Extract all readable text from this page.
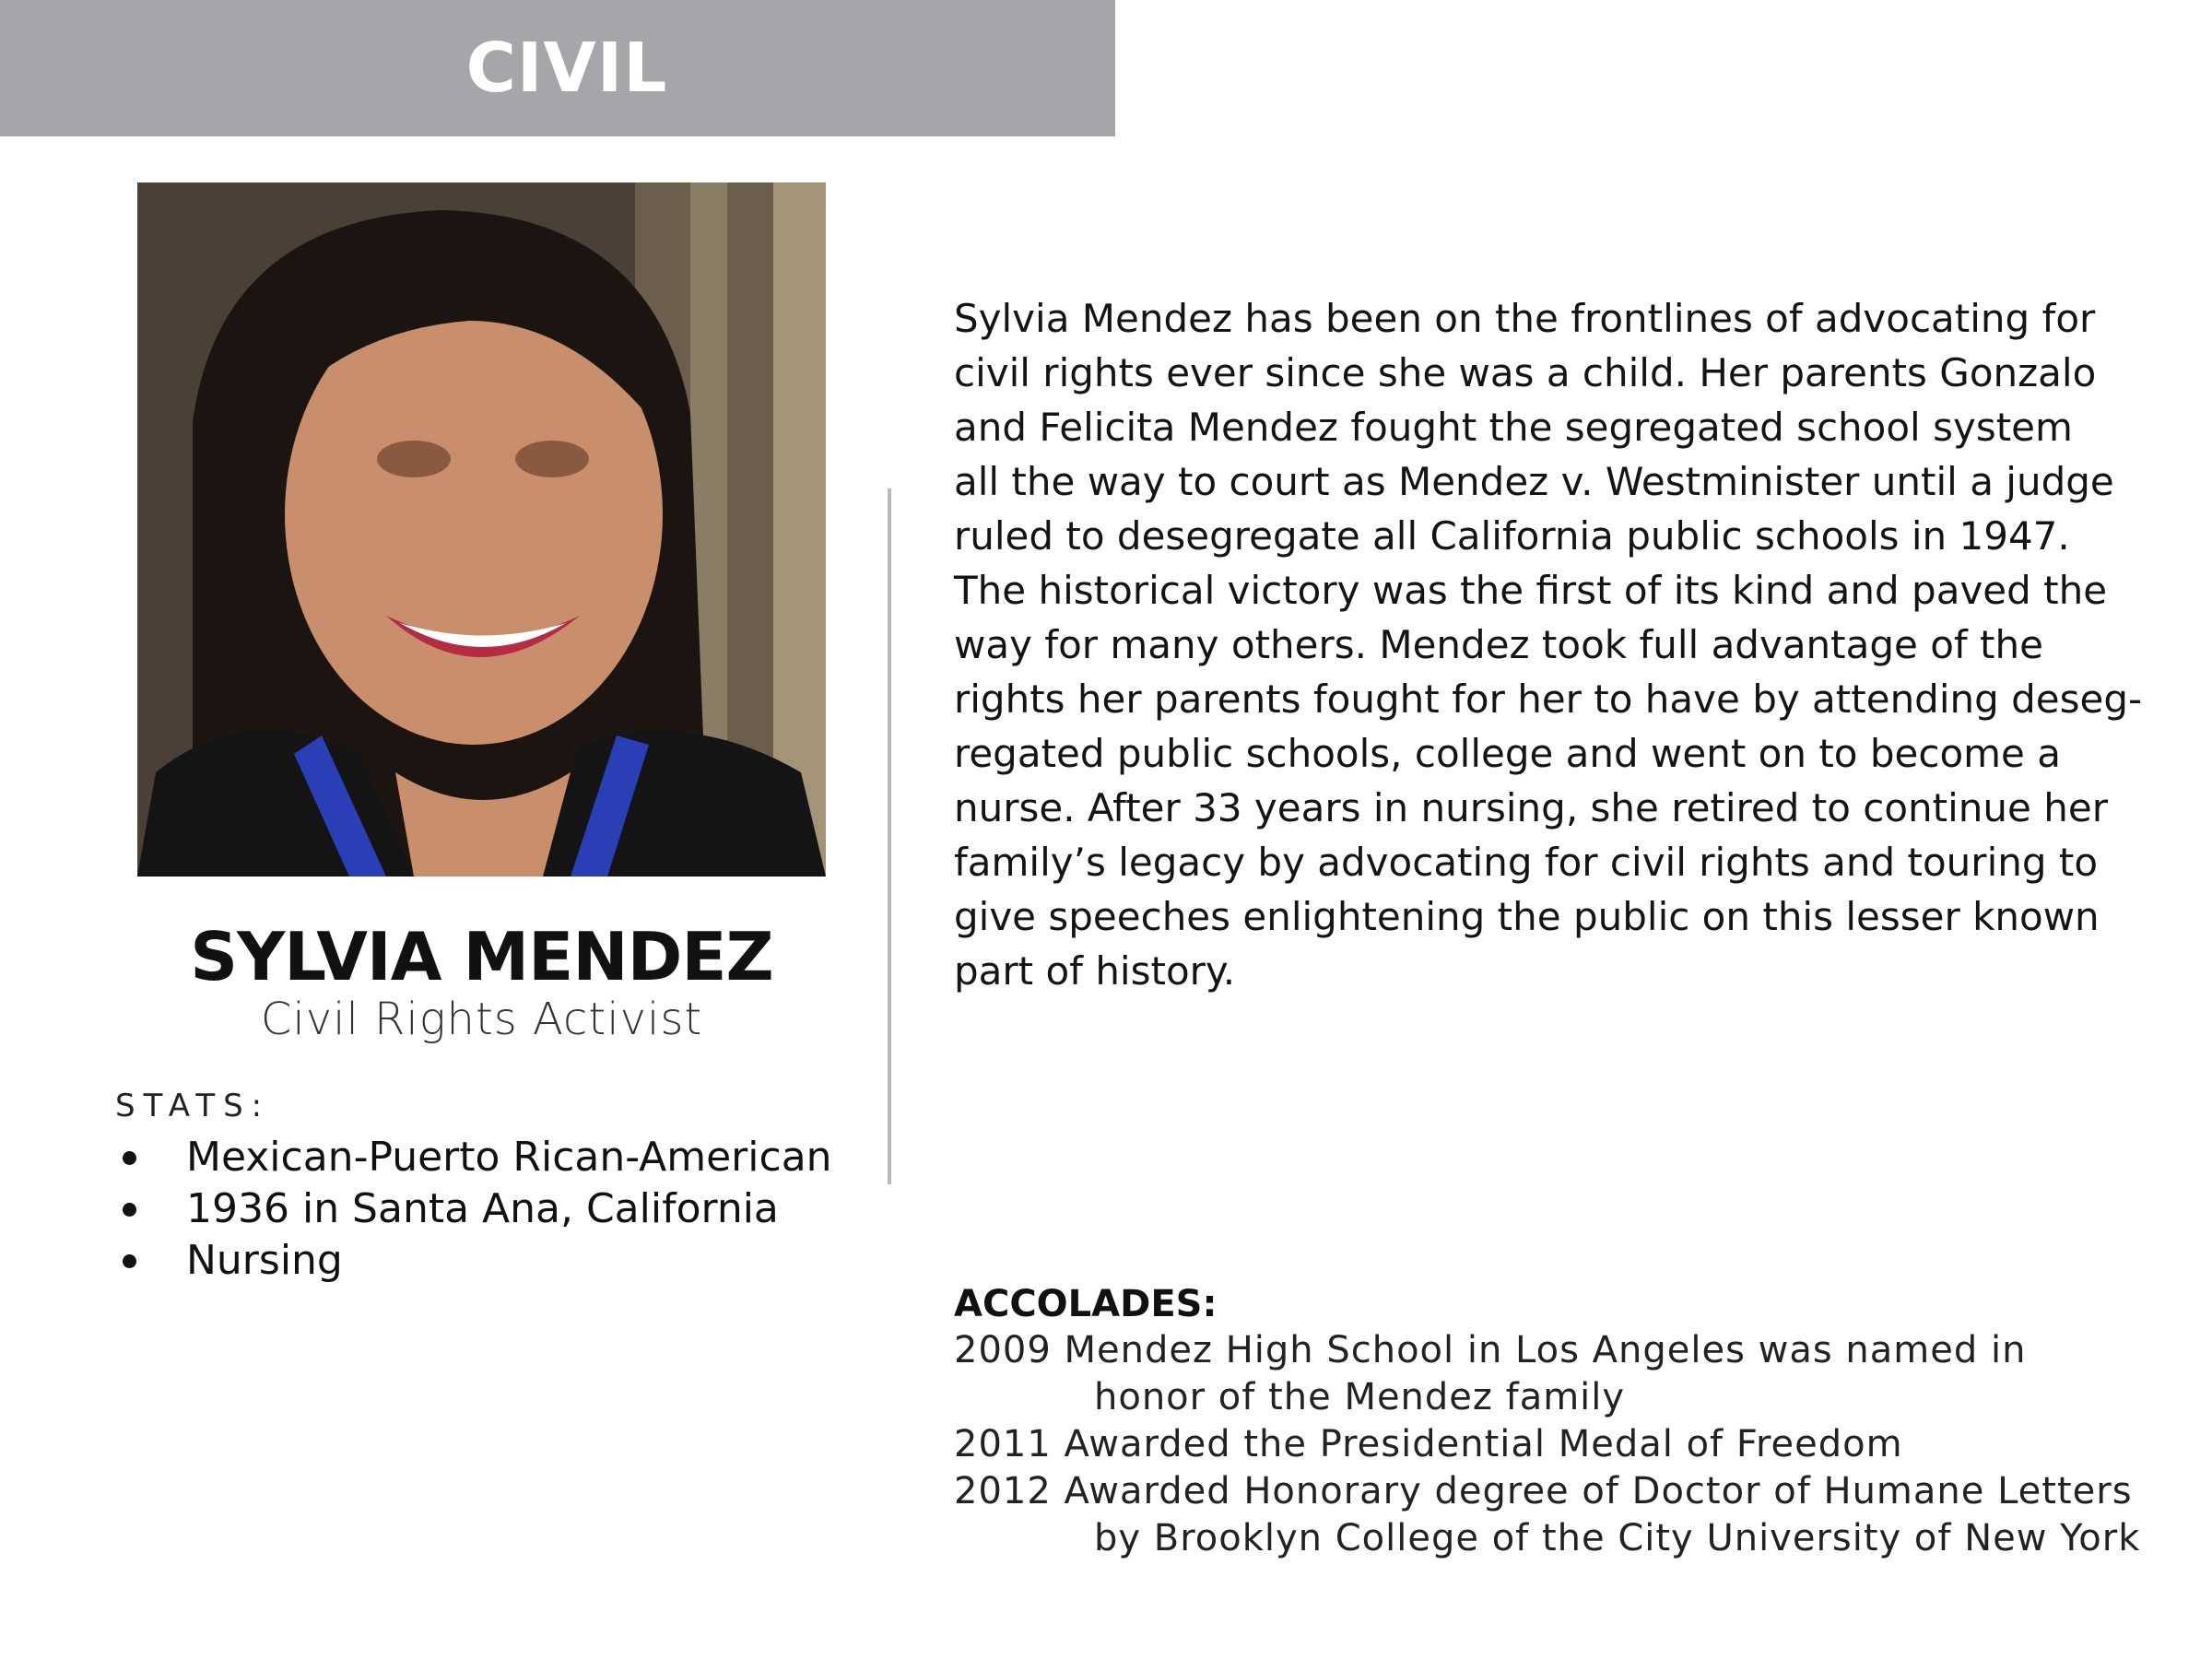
CIVIL
SYLVIA MENDEZ
Civil Rights Activist
STATS:
Mexican-Puerto Rican-American
1936 in Santa Ana, California
Nursing
Sylvia Mendez has been on the frontlines of advocating for
civil rights ever since she was a child. Her parents Gonzalo
and Felicita Mendez fought the segregated school system
all the way to court as Mendez v. Westminister until a judge
ruled to desegregate all California public schools in 1947.
The historical victory was the first of its kind and paved the
way for many others. Mendez took full advantage of the
rights her parents fought for her to have by attending deseg-
regated public schools, college and went on to become a
nurse. After 33 years in nursing, she retired to continue her
family’s legacy by advocating for civil rights and touring to
give speeches enlightening the public on this lesser known
part of history.
ACCOLADES:
2009 Mendez High School in Los Angeles was named in
honor of the Mendez family
2011 Awarded the Presidential Medal of Freedom
2012 Awarded Honorary degree of Doctor of Humane Letters
by Brooklyn College of the City University of New York
